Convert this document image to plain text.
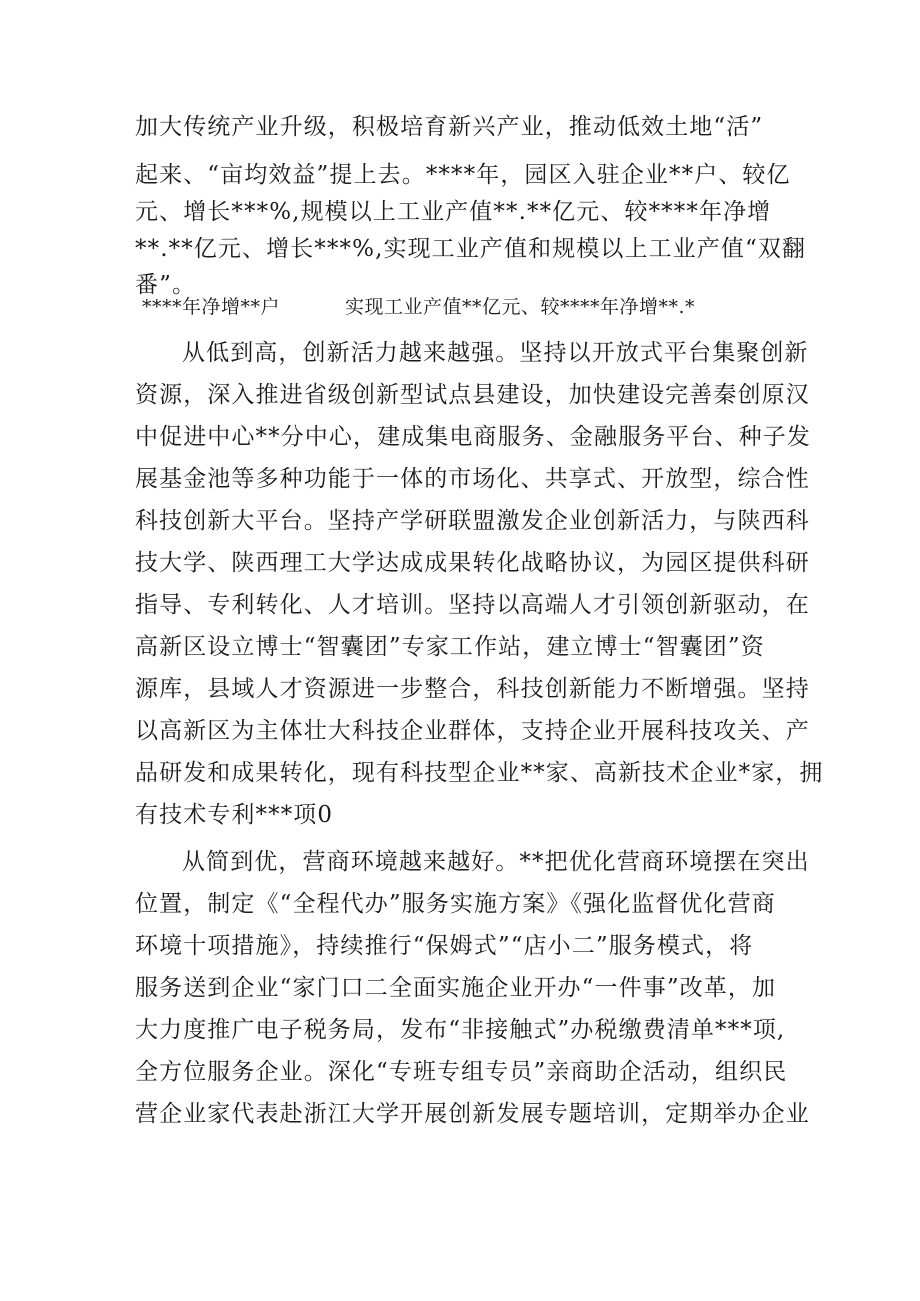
加大传统产业升级，积极培育新兴产业，推动低效土地“活”
起来、“亩均效益”提上去。****年，园区入驻企业**户、较亿
元、增长***%,规模以上工业产值**.**亿元、较****年净增
**.**亿元、增长***%,实现工业产值和规模以上工业产值“双翻
番”。
****年净增**户	实现工业产值**亿元、较****年净增**.*
从低到高，创新活力越来越强。坚持以开放式平台集聚创新
资源，深入推进省级创新型试点县建设，加快建设完善秦创原汉
中促进中心**分中心，建成集电商服务、金融服务平台、种子发
展基金池等多种功能于一体的市场化、共享式、开放型，综合性
科技创新大平台。坚持产学研联盟激发企业创新活力，与陕西科
技大学、陕西理工大学达成成果转化战略协议，为园区提供科研
指导、专利转化、人才培训。坚持以高端人才引领创新驱动，在
高新区设立博士“智囊团”专家工作站，建立博士“智囊团”资
源库，县域人才资源进一步整合，科技创新能力不断增强。坚持
以高新区为主体壮大科技企业群体，支持企业开展科技攻关、产
品研发和成果转化，现有科技型企业**家、高新技术企业*家，拥
有技术专利***项0
从简到优，营商环境越来越好。**把优化营商环境摆在突出
位置，制定《“全程代办”服务实施方案》《强化监督优化营商
环境十项措施》，持续推行“保姆式”“店小二”服务模式，将
服务送到企业“家门口二全面实施企业开办“一件事”改革，加
大力度推广电子税务局，发布“非接触式”办税缴费清单***项,
全方位服务企业。深化“专班专组专员”亲商助企活动，组织民
营企业家代表赴浙江大学开展创新发展专题培训，定期举办企业
